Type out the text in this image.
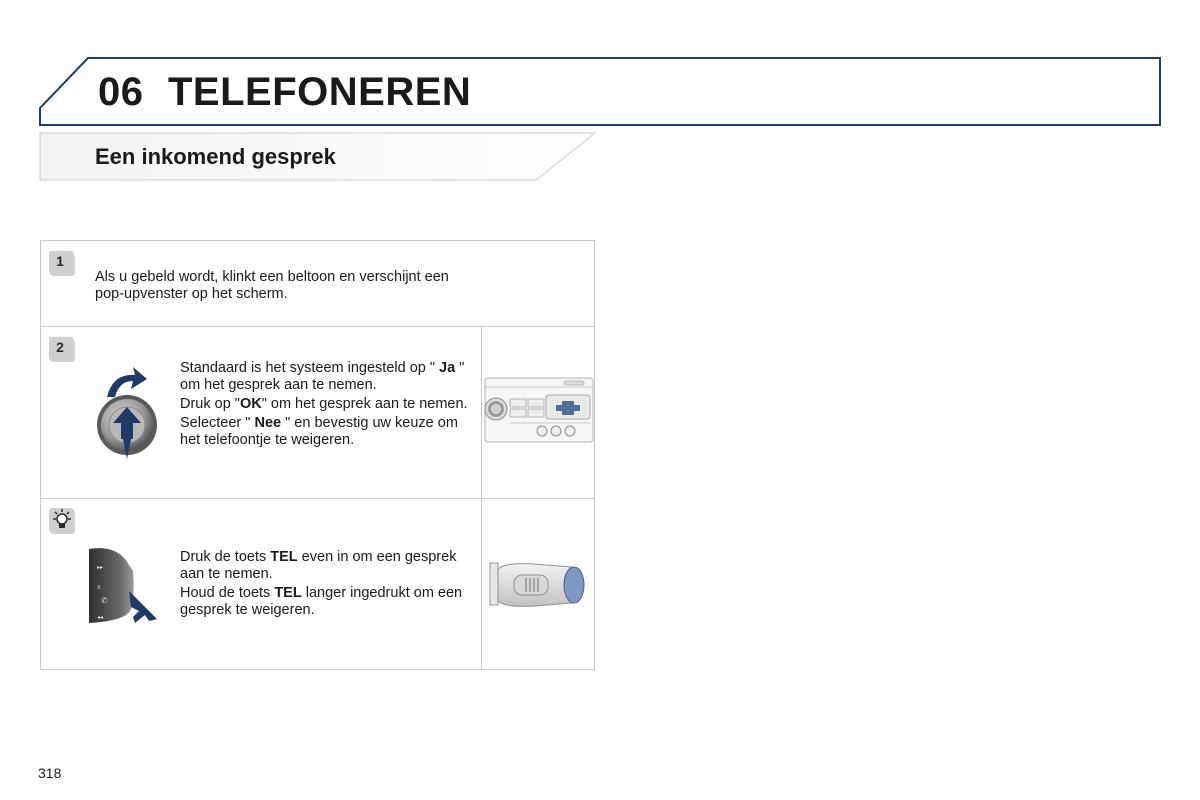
06 TELEFONEREN
Een inkomend gesprek
1
Als u gebeld wordt, klinkt een beltoon en verschijnt een pop-upvenster op het scherm.
2

Standaard is het systeem ingesteld op " Ja " om het gesprek aan te nemen.

Druk op "OK" om het gesprek aan te nemen.

Selecteer " Nee " en bevestig uw keuze om het telefoontje te weigeren.

▸▸
≡
✆
◂◂

Druk de toets TEL even in om een gesprek aan te nemen.

Houd de toets TEL langer ingedrukt om een gesprek te weigeren.

318
